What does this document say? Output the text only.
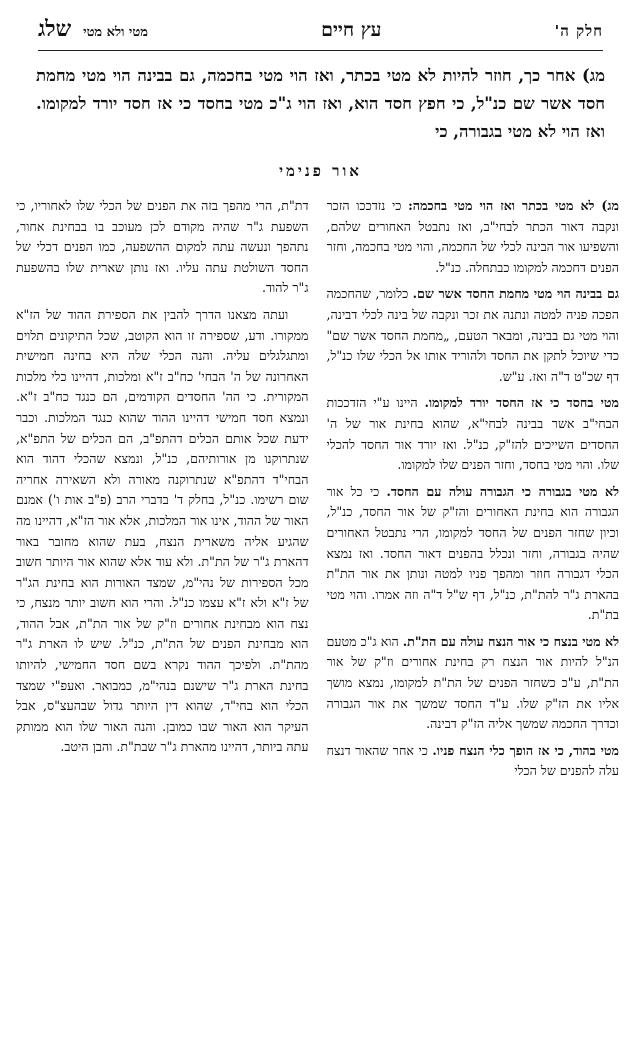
חלק ה'
עץ חיים
מטי ולא מטי
שלג
מג) אחר כך, חוזר להיות לא מטי בכתר, ואז הוי מטי בחכמה, גם בבינה הוי מטי מחמת חסד אשר שם כנ"ל, כי חפץ חסד הוא, ואז הוי ג"כ מטי בחסד כי אז חסד יורד למקומו. ואז הוי לא מטי בגבורה, כי
אור פנימי

מג) לא מטי בכתר ואז הוי מטי בחכמה: כי נזדככו הזכר ונקבה דאור הכתר לבחי"ב, ואז נתבטל האחורים שלהם, והשפיעו אור הבינה לכלי של החכמה, והוי מטי בחכמה, וחזר הפנים דחכמה למקומו כבתחלה. כנ"ל.

גם בבינה הוי מטי מחמת החסד אשר שם. כלומר, שהחכמה הפכה פניה למטה ונתנה את זכר ונקבה של בינה לכלי דבינה, והוי מטי גם בבינה, ומבאר הטעם, „מחמת החסד אשר שם" כדי שיוכל לתקן את החסד ולהוריד אותו אל הכלי שלו כנ"ל, דף שכ"ט ד"ה ואז. ע"ש.

מטי בחסד כי אז החסד יורד למקומו. היינו ע"י הזדככות הבחי"ב אשר בבינה לבחי"א, שהוא בחינת אור של ה' החסדים השייכים להז"ק, כנ"ל. ואז יורד אור החסד להכלי שלו. והוי מטי בחסד, וחזר הפנים שלו למקומו.

לא מטי בגבורה כי הגבורה עולה עם החסד. כי כל אור הגבורה הוא בחינת האחורים והז"ק של אור החסד, כנ"ל, וכיון שחזר הפנים של החסד למקומו, הרי נתבטל האחורים שהיה בגבורה, וחזר ונכלל בהפנים דאור החסד. ואז נמצא הכלי דגבורה חוזר ומהפך פניו למטה ונותן את אור הת"ת בהארת ג"ר להת"ת, כנ"ל, דף ש"ל ד"ה וזה אמרו. והוי מטי בת"ת.

לא מטי בנצח כי אור הנצח עולה עם הת"ת. הוא ג"כ מטעם הנ"ל להיות אור הנצח רק בחינת אחורים וז"ק של אור הת"ת, ע"כ כשחזר הפנים של הת"ת למקומו, נמצא מושך אליו את הז"ק שלו. ע"ד החסד שמשך את אור הגבורה וכדרך החכמה שמשך אליה הז"ק דבינה.

מטי בהוד, כי אז הופך כלי הנצח פניו. כי אחר שהאור דנצח עלה להפנים של הכלי

דת"ת, הרי מהפך בזה את הפנים של הכלי שלו לאחוריו, כי השפעת ג"ר שהיה מקודם לכן מעוכב בו בבחינת אחור, נתהפך ונעשה עתה למקום ההשפעה, כמו הפנים דכלי של החסד השולטת עתה עליו. ואז נותן שארית שלו בהשפעת ג"ר להוד.

ועתה מצאנו הדרך להבין את הספירת ההוד של הז"א ממקורו. ודע, שספירה זו הוא הקוטב, שכל התיקונים תלוים ומתגלגלים עליה. והנה הכלי שלה היא בחינה חמישית האחרונה של ה' הבחי' כח"ב ז"א ומלכות, דהיינו כלי מלכות המקורית. כי הה' החסדים הקודמים, הם כנגד כח"ב ז"א. ונמצא חסד חמישי דהיינו ההוד שהוא כנגד המלכות. וכבר ידעת שכל אותם הכלים דהתפ"ב, הם הכלים של התפ"א, שנתרוקנו מן אורותיהם, כנ"ל, ונמצא שהכלי דהוד הוא הבחי"ד דהתפ"א שנתרוקנה מאורה ולא השאירה אחריה שום רשימו. כנ"ל, בחלק ד' בדברי הרב (פ"ב אות ו') אמנם האור של ההוד, אינו אור המלכות, אלא אור הז"א, דהיינו מה שהגיע אליה משארית הנצח, בעת שהוא מחובר באור דהארת ג"ר של הת"ת. ולא עוד אלא שהוא אור היותר חשוב מכל הספירות של נהי"מ, שמצד האורות הוא בחינת הג"ר של ז"א ולא ז"א עצמו כנ"ל. והרי הוא חשוב יותר מנצח, כי נצח הוא מבחינת אחורים וז"ק של אור הת"ת, אבל ההוד, הוא מבחינת הפנים של הת"ת, כנ"ל. שיש לו הארת ג"ר מהת"ת. ולפיכך ההוד נקרא בשם חסד החמישי, להיותו בחינת הארת ג"ר שישנם בנהי"מ, כמבואר. ואעפ"י שמצד הכלי הוא בחי"ד, שהוא דין היותר גדול שבהעצ"ס, אבל העיקר הוא האור שבו כמובן. והנה האור שלו הוא ממותק עתה ביותר, דהיינו מהארת ג"ר שבת"ת. והבן היטב.
